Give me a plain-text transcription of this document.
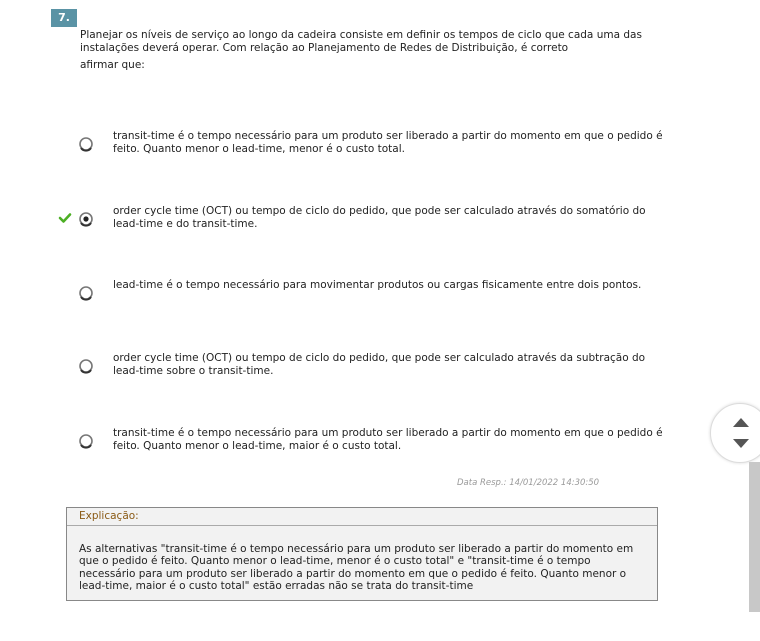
7.
Planejar os níveis de serviço ao longo da cadeira consiste em definir os tempos de ciclo que cada uma das instalações deverá operar. Com relação ao Planejamento de Redes de Distribuição, é correto
afirmar que:
transit-time é o tempo necessário para um produto ser liberado a partir do momento em que o pedido é feito. Quanto menor o lead-time, menor é o custo total.
order cycle time (OCT) ou tempo de ciclo do pedido, que pode ser calculado através do somatório do lead-time e do transit-time.
lead-time é o tempo necessário para movimentar produtos ou cargas fisicamente entre dois pontos.
order cycle time (OCT) ou tempo de ciclo do pedido, que pode ser calculado através da subtração do lead-time sobre o transit-time.
transit-time é o tempo necessário para um produto ser liberado a partir do momento em que o pedido é feito. Quanto menor o lead-time, maior é o custo total.
Data Resp.: 14/01/2022 14:30:50
Explicação:
As alternativas "transit-time é o tempo necessário para um produto ser liberado a partir do momento em que o pedido é feito. Quanto menor o lead-time, menor é o custo total" e "transit-time é o tempo necessário para um produto ser liberado a partir do momento em que o pedido é feito. Quanto menor o lead-time, maior é o custo total" estão erradas não se trata do transit-time
